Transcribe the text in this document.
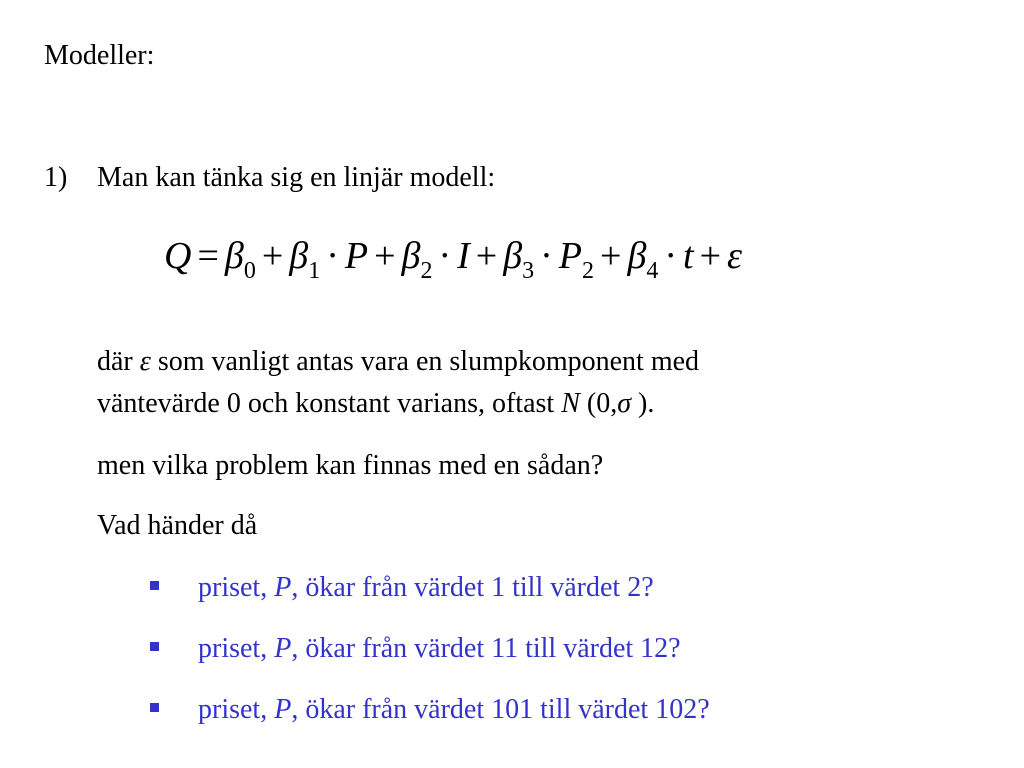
Modeller:
1) Man kan tänka sig en linjär modell:
$Q = \beta_0 + \beta_1 \cdot P + \beta_2 \cdot I + \beta_3 \cdot P_2 + \beta_4 \cdot t + \varepsilon$
där ε som vanligt antas vara en slumpkomponent med
väntevärde 0 och konstant varians, oftast N (0,σ ).
men vilka problem kan finnas med en sådan?
Vad händer då
priset, P, ökar från värdet 1 till värdet 2?
priset, P, ökar från värdet 11 till värdet 12?
priset, P, ökar från värdet 101 till värdet 102?
